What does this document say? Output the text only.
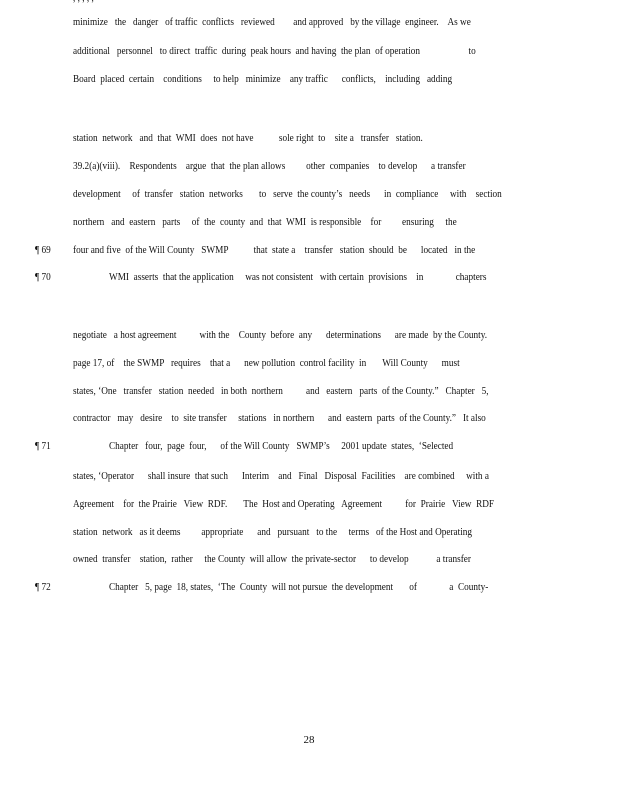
minimize   the   danger   of traffic  conflicts   reviewed        and approved   by the village  engineer.    As we
additional   personnel   to direct  traffic  during  peak hours  and having  the plan  of operation                     to
Board  placed  certain    conditions     to help   minimize    any traffic      conflicts,    including   adding
station  network   and  that  WMI  does  not have           sole right  to    site a   transfer   station.
39.2(a)(viii).    Respondents    argue  that  the plan allows         other  companies    to develop      a transfer
development     of  transfer   station  networks       to   serve  the county’s   needs      in  compliance     with    section
northern   and  eastern   parts     of  the  county  and  that  WMI  is responsible    for         ensuring     the
¶ 69 four and five  of the Will County   SWMP           that  state a    transfer   station  should  be      located   in the
¶ 70	WMI  asserts  that the application     was not consistent   with certain  provisions    in              chapters
negotiate   a host agreement          with the    County  before  any      determinations      are made  by the County.
page 17, of    the SWMP   requires    that a      new pollution  control facility  in       Will County      must
states, ‘One   transfer   station  needed   in both  northern          and   eastern   parts  of the County.”   Chapter   5,
contractor   may   desire    to  site transfer     stations   in northern      and  eastern  parts  of the County.”   It also
¶ 71	Chapter   four,  page  four,      of the Will County   SWMP’s     2001 update  states,  ‘Selected
states, ‘Operator      shall insure  that such      Interim    and   Final   Disposal  Facilities    are combined     with a
Agreement    for  the Prairie   View  RDF.       The  Host and Operating   Agreement          for  Prairie   View  RDF
station  network   as it deems         appropriate      and   pursuant   to the     terms   of the Host and Operating
owned  transfer    station,  rather     the County  will allow  the private-sector      to develop            a transfer
¶ 72	Chapter   5, page  18, states,  ‘The  County  will not pursue  the development       of              a  County-
28
